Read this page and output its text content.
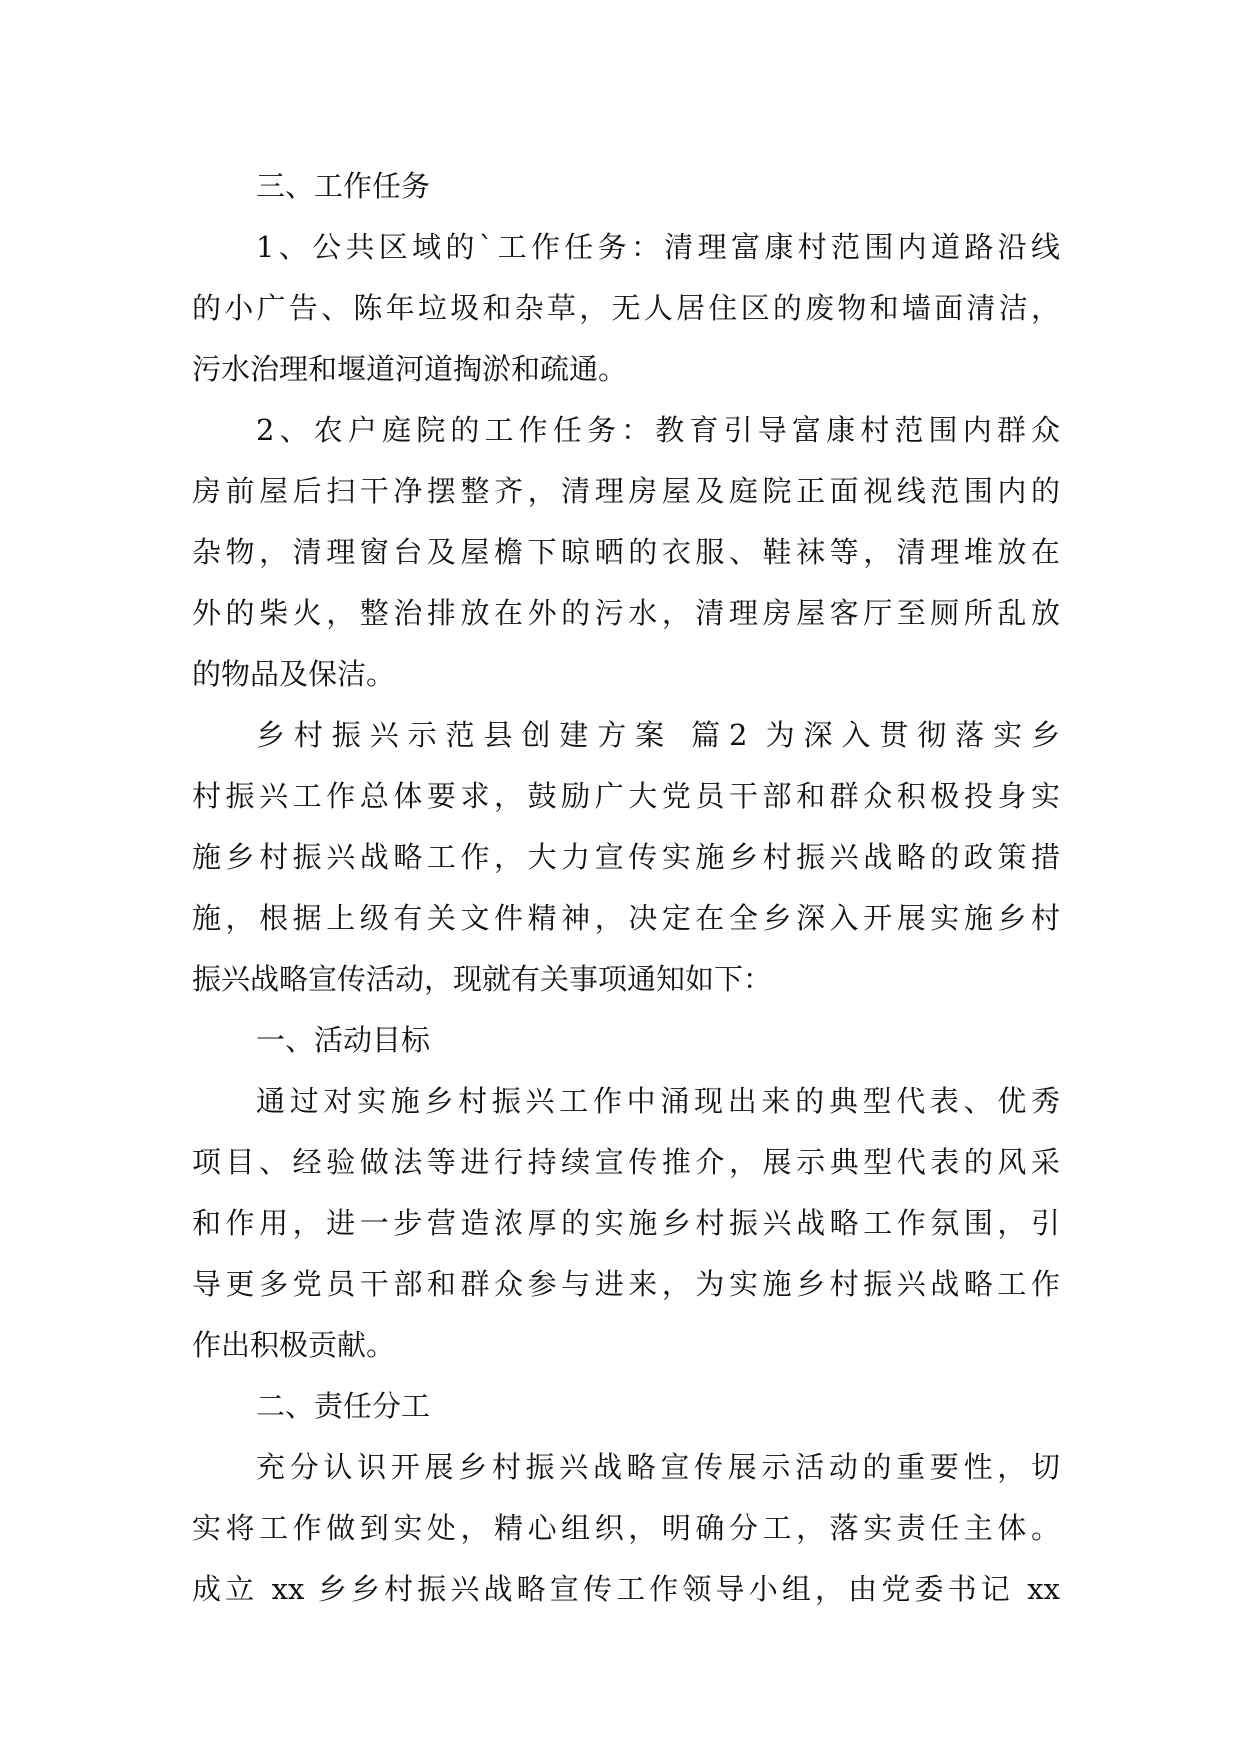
三、工作任务
1、公共区域的`工作任务：清理富康村范围内道路沿线
的小广告、陈年垃圾和杂草，无人居住区的废物和墙面清洁，
污水治理和堰道河道掏淤和疏通。
2、农户庭院的工作任务：教育引导富康村范围内群众
房前屋后扫干净摆整齐，清理房屋及庭院正面视线范围内的
杂物，清理窗台及屋檐下晾晒的衣服、鞋袜等，清理堆放在
外的柴火，整治排放在外的污水，清理房屋客厅至厕所乱放
的物品及保洁。
乡村振兴示范县创建方案 篇2 为深入贯彻落实乡
村振兴工作总体要求，鼓励广大党员干部和群众积极投身实
施乡村振兴战略工作，大力宣传实施乡村振兴战略的政策措
施，根据上级有关文件精神，决定在全乡深入开展实施乡村
振兴战略宣传活动，现就有关事项通知如下：
一、活动目标
通过对实施乡村振兴工作中涌现出来的典型代表、优秀
项目、经验做法等进行持续宣传推介，展示典型代表的风采
和作用，进一步营造浓厚的实施乡村振兴战略工作氛围，引
导更多党员干部和群众参与进来，为实施乡村振兴战略工作
作出积极贡献。
二、责任分工
充分认识开展乡村振兴战略宣传展示活动的重要性，切
实将工作做到实处，精心组织，明确分工，落实责任主体。
成立 xx 乡乡村振兴战略宣传工作领导小组，由党委书记 xx
